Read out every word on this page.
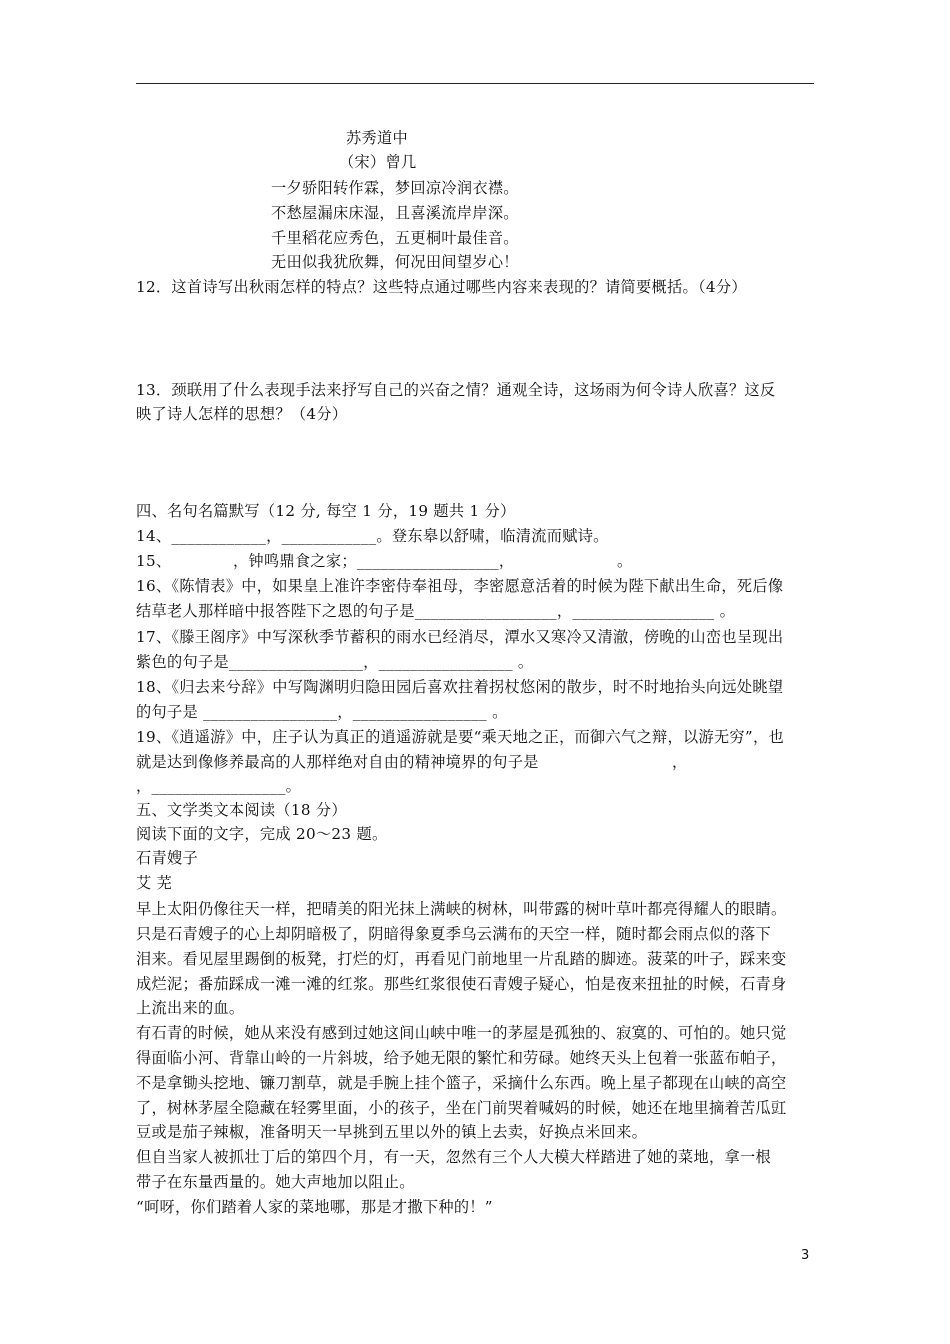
苏秀道中
（宋）曾几
一夕骄阳转作霖，梦回凉冷润衣襟。
不愁屋漏床床湿，且喜溪流岸岸深。
千里稻花应秀色，五更桐叶最佳音。
无田似我犹欣舞，何况田间望岁心！
12．这首诗写出秋雨怎样的特点？这些特点通过哪些内容来表现的？请简要概括。（4分）
13．颈联用了什么表现手法来抒写自己的兴奋之情？通观全诗，这场雨为何令诗人欣喜？这反
映了诗人怎样的思想？（4分）
四、名句名篇默写（12 分, 每空 1 分，19 题共 1 分）
14、____________，____________。登东皋以舒啸，临清流而赋诗。
15、            ，钟鸣鼎食之家；__________________，                    。
16、《陈情表》中，如果皇上准许李密侍奉祖母，李密愿意活着的时候为陛下献出生命，死后像
结草老人那样暗中报答陛下之恩的句子是__________________，__________________ 。
17、《滕王阁序》中写深秋季节蓄积的雨水已经消尽，潭水又寒冷又清澈，傍晚的山峦也呈现出
紫色的句子是_________________，_________________ 。
18、《归去来兮辞》中写陶渊明归隐田园后喜欢拄着拐杖悠闲的散步，时不时地抬头向远处眺望
的句子是 _________________，_________________ 。
19、《逍遥游》中，庄子认为真正的逍遥游就是要“乘天地之正，而御六气之辩，以游无穷”，也
就是达到像修养最高的人那样绝对自由的精神境界的句子是                          ，
，_________________。
五、文学类文本阅读（18 分）
阅读下面的文字，完成 20～23 题。
石青嫂子
艾 芜
早上太阳仍像往天一样，把晴美的阳光抹上满峡的树林，叫带露的树叶草叶都亮得耀人的眼睛。
只是石青嫂子的心上却阴暗极了，阴暗得象夏季乌云满布的天空一样，随时都会雨点似的落下
泪来。看见屋里踢倒的板凳，打烂的灯，再看见门前地里一片乱踏的脚迹。菠菜的叶子，踩来变
成烂泥；番茄踩成一滩一滩的红浆。那些红浆很使石青嫂子疑心，怕是夜来扭扯的时候，石青身
上流出来的血。
有石青的时候，她从来没有感到过她这间山峡中唯一的茅屋是孤独的、寂寞的、可怕的。她只觉
得面临小河、背靠山岭的一片斜坡，给予她无限的繁忙和劳碌。她终天头上包着一张蓝布帕子，
不是拿锄头挖地、镰刀割草，就是手腕上挂个篮子，采摘什么东西。晚上星子都现在山峡的高空
了，树林茅屋全隐藏在轻雾里面，小的孩子，坐在门前哭着喊妈的时候，她还在地里摘着苦瓜豇
豆或是茄子辣椒，准备明天一早挑到五里以外的镇上去卖，好换点米回来。
但自当家人被抓壮丁后的第四个月，有一天，忽然有三个人大模大样踏进了她的菜地，拿一根
带子在东量西量的。她大声地加以阻止。
“呵呀，你们踏着人家的菜地哪，那是才撒下种的！”
3
